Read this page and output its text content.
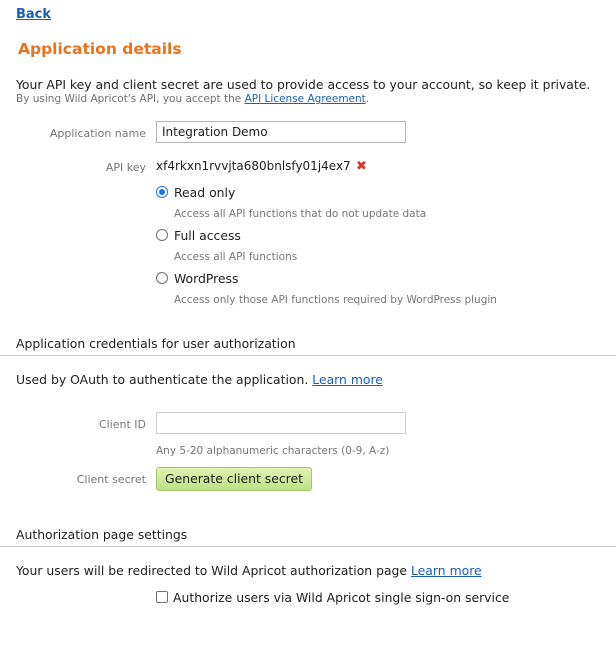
Back
Application details
Your API key and client secret are used to provide access to your account, so keep it private.
By using Wild Apricot's API, you accept the API License Agreement.
Application name
Integration Demo
API key xf4rkxn1rvvjta680bnlsfy01j4ex7 ✖
Read only
Access all API functions that do not update data
Full access
Access all API functions
WordPress
Access only those API functions required by WordPress plugin
Application credentials for user authorization
Used by OAuth to authenticate the application. Learn more
Client ID
Any 5-20 alphanumeric characters (0-9, A-z)
Client secret	Generate client secret
Authorization page settings
Your users will be redirected to Wild Apricot authorization page Learn more
Authorize users via Wild Apricot single sign-on service
